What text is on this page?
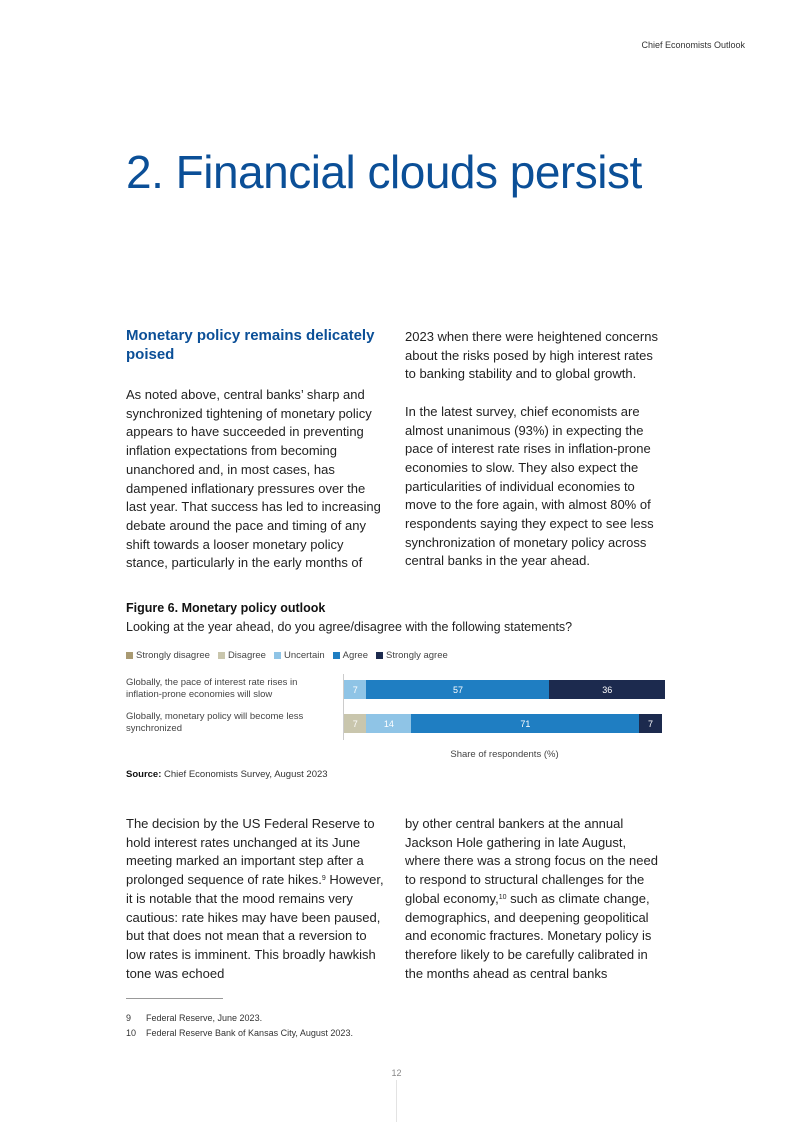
Chief Economists Outlook
2. Financial clouds persist
Monetary policy remains delicately poised

As noted above, central banks’ sharp and synchronized tightening of monetary policy appears to have succeeded in preventing inflation expectations from becoming unanchored and, in most cases, has dampened inflationary pressures over the last year. That success has led to increasing debate around the pace and timing of any shift towards a looser monetary policy stance, particularly in the early months of

2023 when there were heightened concerns about the risks posed by high interest rates to banking stability and to global growth.

In the latest survey, chief economists are almost unanimous (93%) in expecting the pace of interest rate rises in inflation-prone economies to slow. They also expect the particularities of individual economies to move to the fore again, with almost 80% of respondents saying they expect to see less synchronization of monetary policy across central banks in the year ahead.

Figure 6. Monetary policy outlook
Looking at the year ahead, do you agree/disagree with the following statements?
Strongly disagree Disagree Uncertain Agree Strongly agree
Globally, the pace of interest rate rises in inflation-prone economies will slow
Globally, monetary policy will become less synchronized
7	57	36
7	14	71	7
Share of respondents (%)
Source: Chief Economists Survey, August 2023

The decision by the US Federal Reserve to hold interest rates unchanged at its June meeting marked an important step after a prolonged sequence of rate hikes.$^9$ However, it is notable that the mood remains very cautious: rate hikes may have been paused, but that does not mean that a reversion to low rates is imminent. This broadly hawkish tone was echoed

by other central bankers at the annual Jackson Hole gathering in late August, where there was a strong focus on the need to respond to structural challenges for the global economy,$^{10}$ such as climate change, demographics, and deepening geopolitical and economic fractures. Monetary policy is therefore likely to be carefully calibrated in the months ahead as central banks

9 Federal Reserve, June 2023.
10 Federal Reserve Bank of Kansas City, August 2023.
12
